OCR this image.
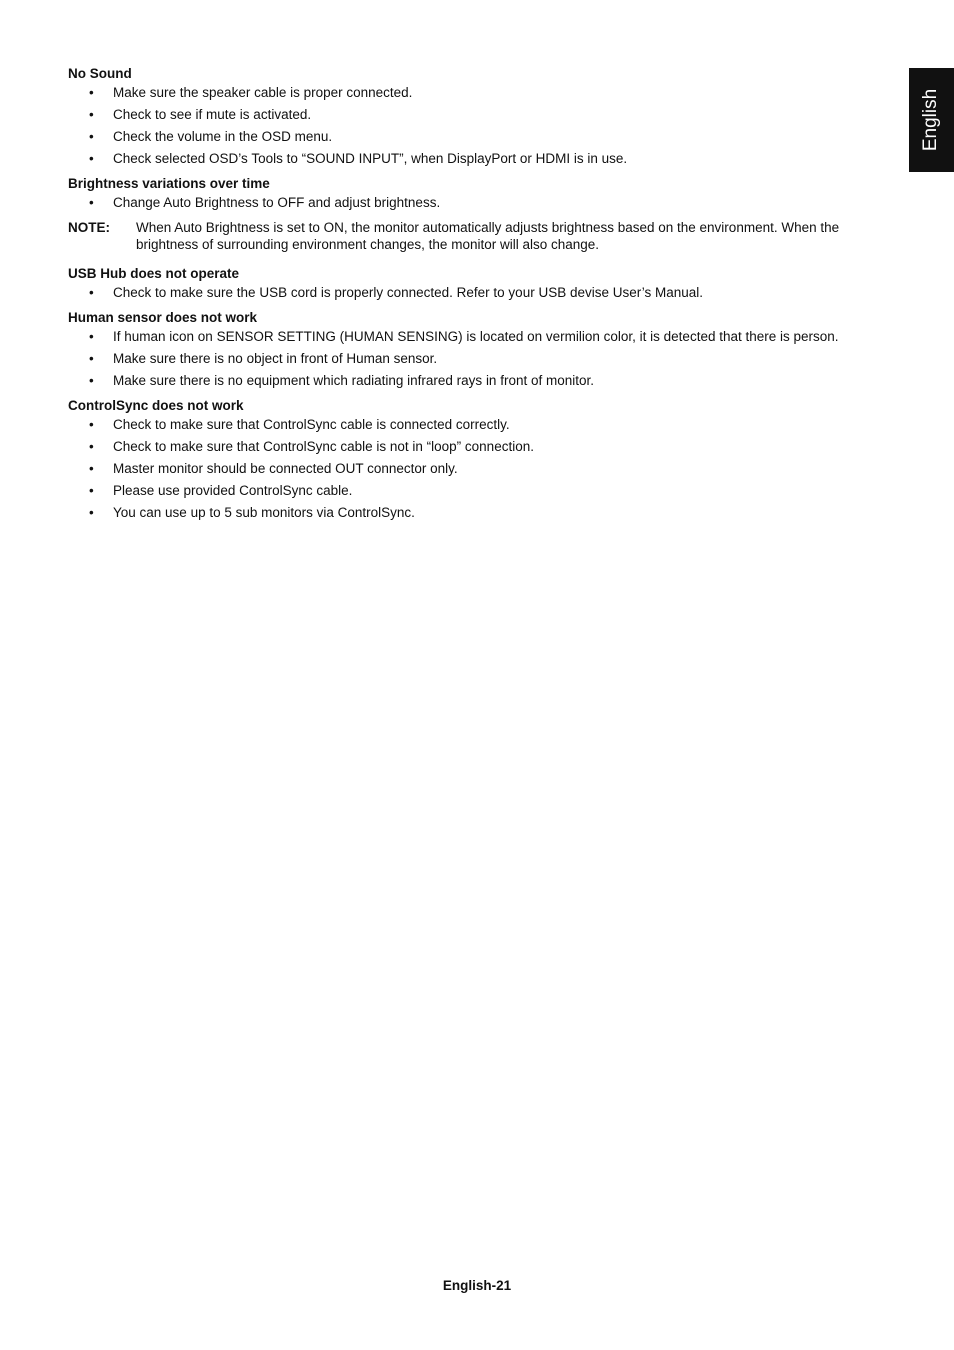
English

No Sound

• Make sure the speaker cable is proper connected.
• Check to see if mute is activated.
• Check the volume in the OSD menu.
• Check selected OSD’s Tools to “SOUND INPUT”, when DisplayPort or HDMI is in use.

Brightness variations over time

• Change Auto Brightness to OFF and adjust brightness.
NOTE:	When Auto Brightness is set to ON, the monitor automatically adjusts brightness based on the environment. When the brightness of surrounding environment changes, the monitor will also change.

USB Hub does not operate

• Check to make sure the USB cord is properly connected. Refer to your USB devise User’s Manual.

Human sensor does not work

• If human icon on SENSOR SETTING (HUMAN SENSING) is located on vermilion color, it is detected that there is person.
• Make sure there is no object in front of Human sensor.
• Make sure there is no equipment which radiating infrared rays in front of monitor.

ControlSync does not work

• Check to make sure that ControlSync cable is connected correctly.
• Check to make sure that ControlSync cable is not in “loop” connection.
• Master monitor should be connected OUT connector only.
• Please use provided ControlSync cable.
• You can use up to 5 sub monitors via ControlSync.
English-21
